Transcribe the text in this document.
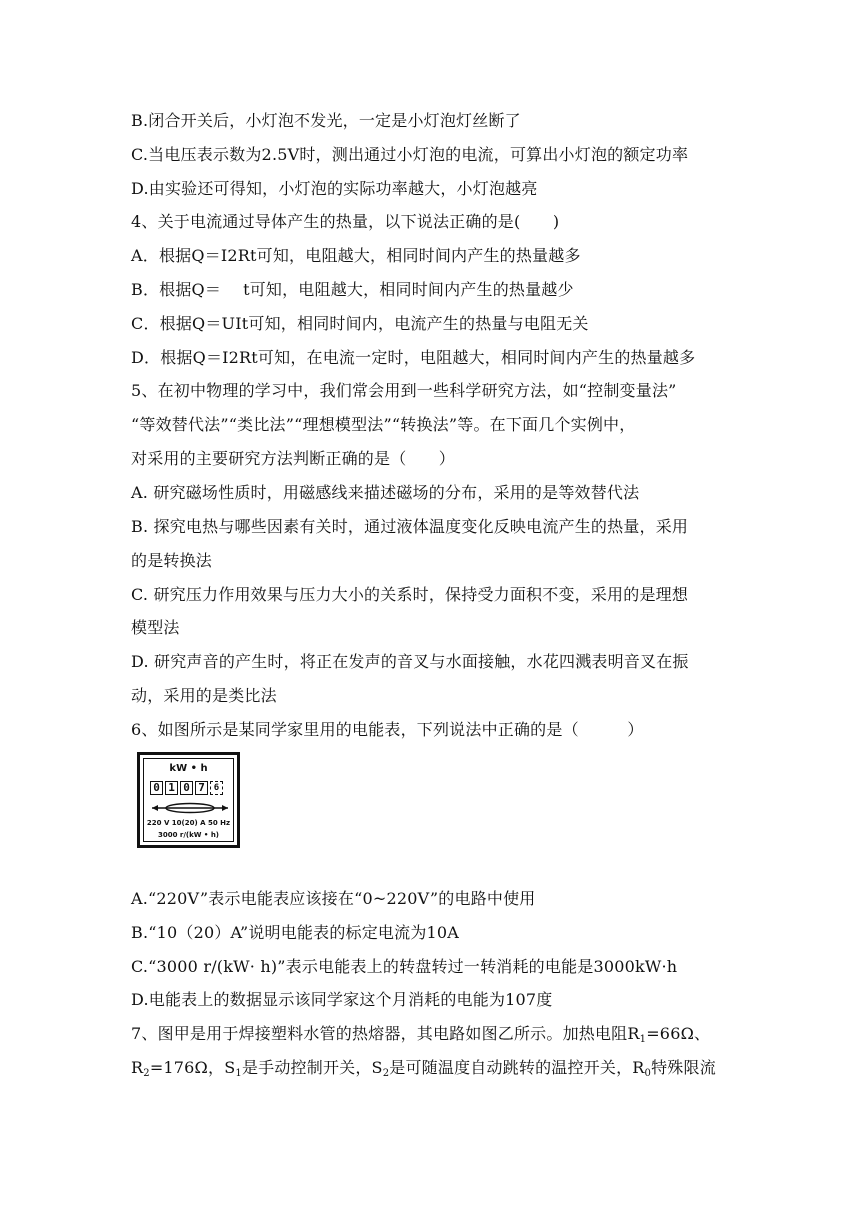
B.闭合开关后，小灯泡不发光，一定是小灯泡灯丝断了
C.当电压表示数为2.5V时，测出通过小灯泡的电流，可算出小灯泡的额定功率
D.由实验还可得知，小灯泡的实际功率越大，小灯泡越亮
4、关于电流通过导体产生的热量，以下说法正确的是(　　)
A．根据Q＝I2Rt可知，电阻越大，相同时间内产生的热量越多
B．根据Q＝ t可知，电阻越大，相同时间内产生的热量越少
C．根据Q＝UIt可知，相同时间内，电流产生的热量与电阻无关
D．根据Q＝I2Rt可知，在电流一定时，电阻越大，相同时间内产生的热量越多
5、在初中物理的学习中，我们常会用到一些科学研究方法，如“控制变量法”
“等效替代法”“类比法”“理想模型法”“转换法”等。在下面几个实例中，
对采用的主要研究方法判断正确的是（　　）
A. 研究磁场性质时，用磁感线来描述磁场的分布，采用的是等效替代法
B. 探究电热与哪些因素有关时，通过液体温度变化反映电流产生的热量，采用
的是转换法
C. 研究压力作用效果与压力大小的关系时，保持受力面积不变，采用的是理想
模型法
D. 研究声音的产生时，将正在发声的音叉与水面接触，水花四溅表明音叉在振
动，采用的是类比法
6、如图所示是某同学家里用的电能表，下列说法中正确的是（　　　）
kW • h
0 1 0 7 6
220 V 10(20) A 50 Hz
3000 r/(kW • h)
A.“220V”表示电能表应该接在“0~220V”的电路中使用
B.“10（20）A”说明电能表的标定电流为10A
C.“3000 r/(kW· h)”表示电能表上的转盘转过一转消耗的电能是3000kW·h
D.电能表上的数据显示该同学家这个月消耗的电能为107度
7、图甲是用于焊接塑料水管的热熔器，其电路如图乙所示。加热电阻$R_1=66\Omega$、
$R_2=176\Omega$，$S_1$是手动控制开关，$S_2$是可随温度自动跳转的温控开关，$R_0$特殊限流
